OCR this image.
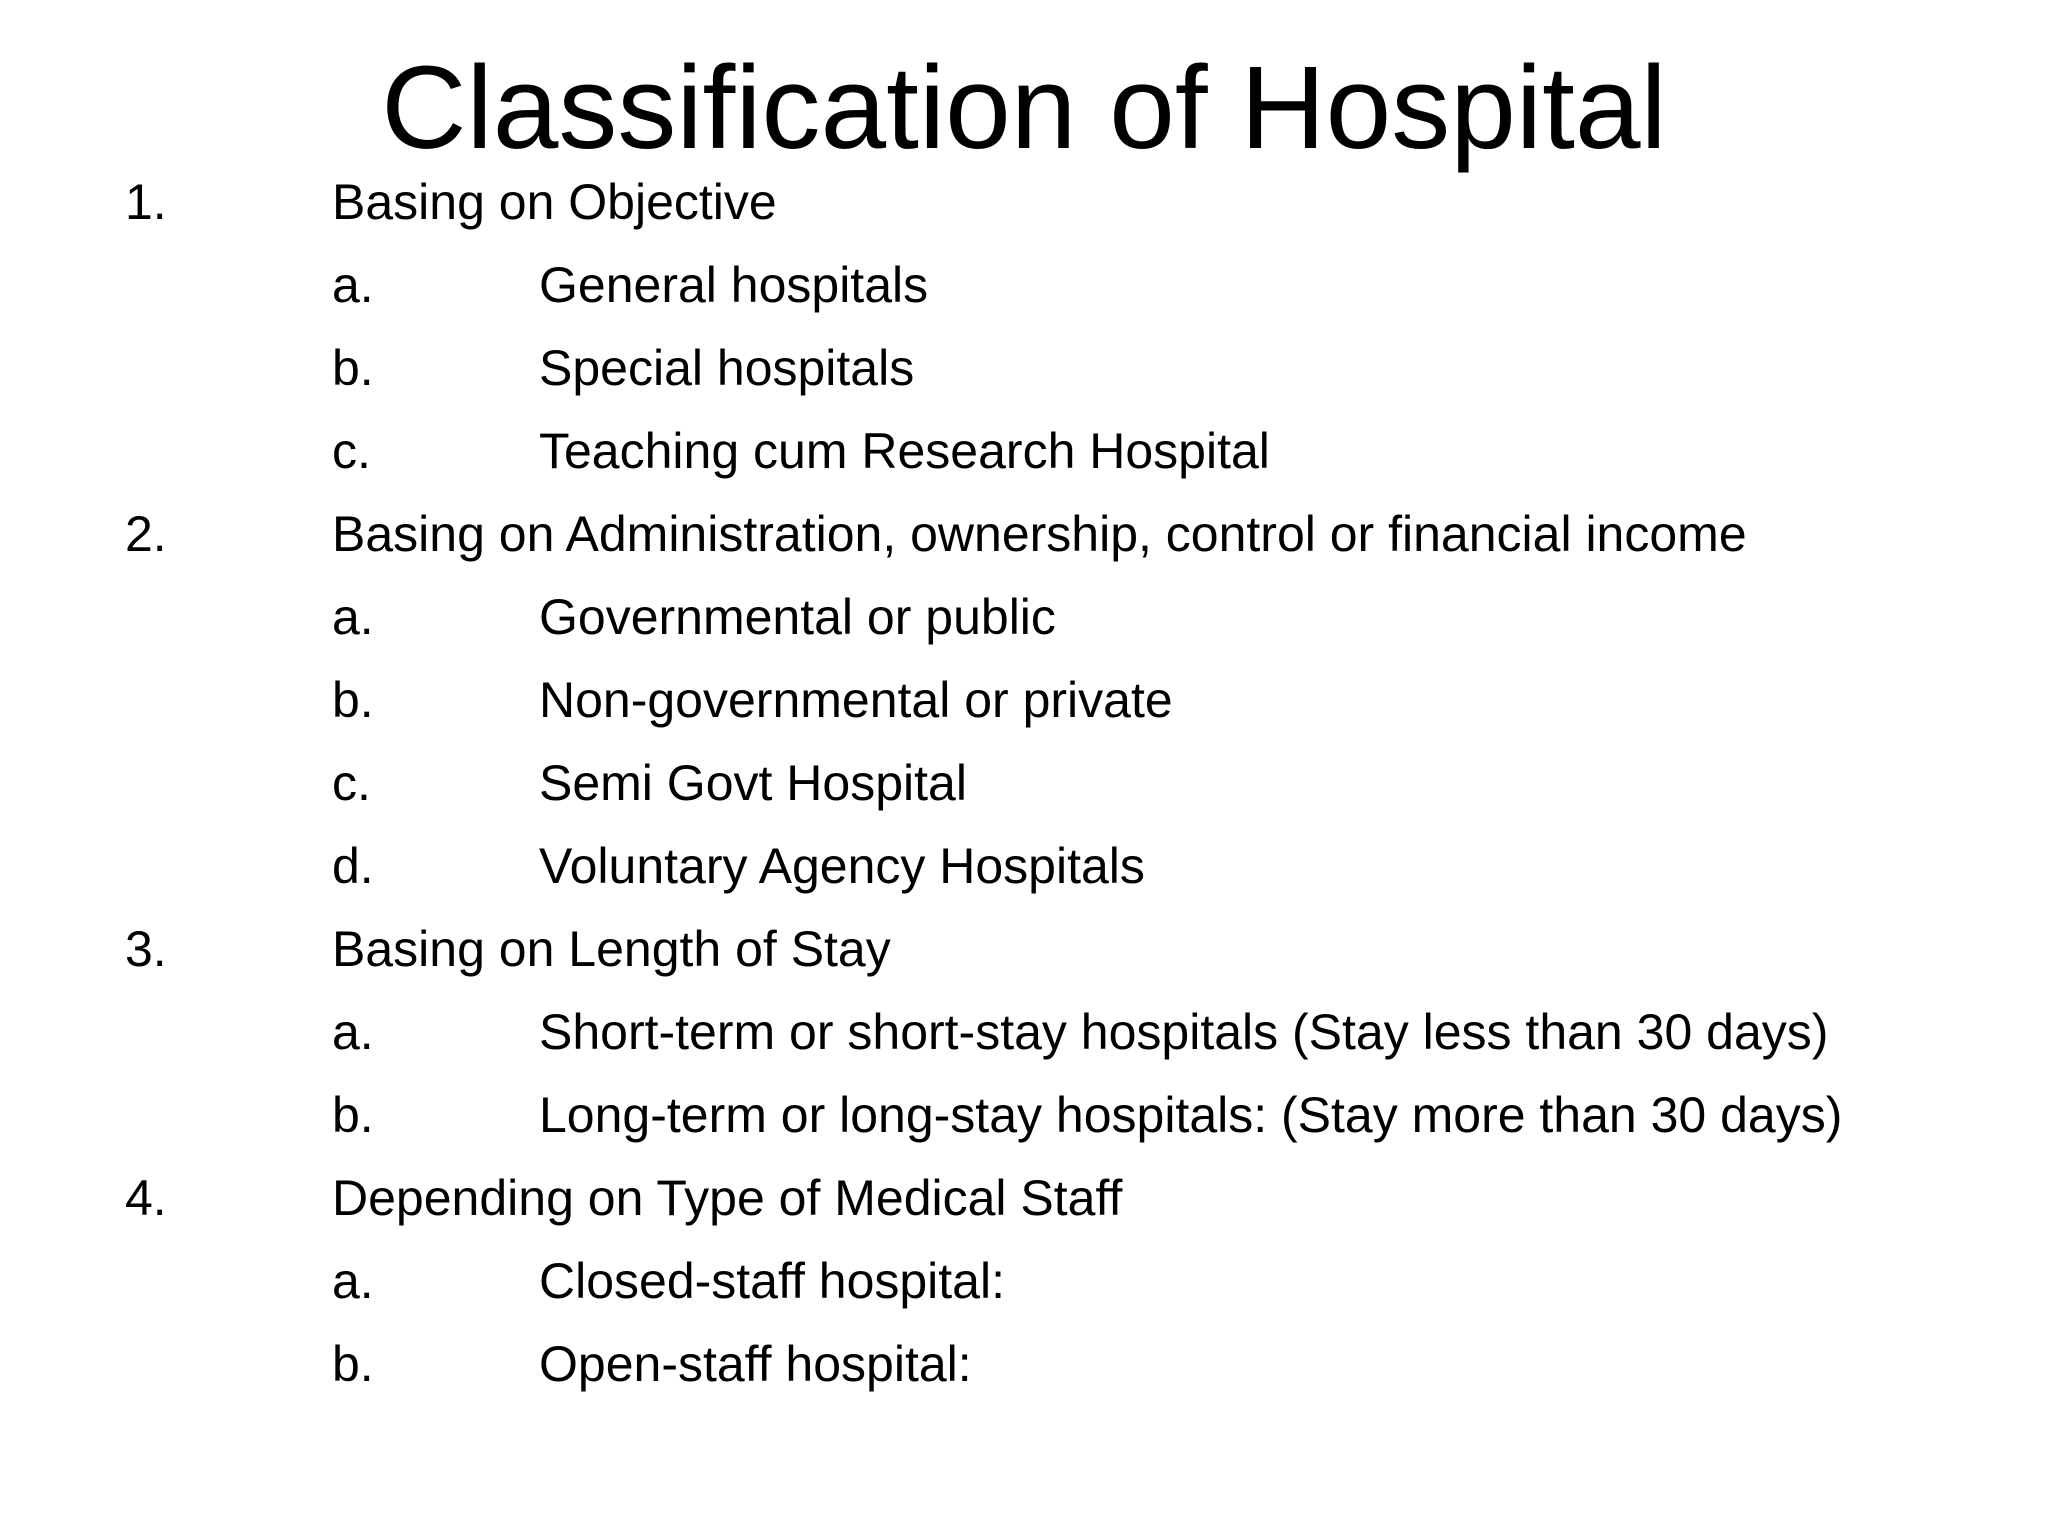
Classification of Hospital
1.	Basing on Objective
a.	General hospitals
b.	Special hospitals
c.	Teaching cum Research Hospital
2.	Basing on Administration, ownership, control or financial income
a.	Governmental or public
b.	Non-governmental or private
c.	Semi Govt Hospital
d.	Voluntary Agency Hospitals
3.	Basing on Length of Stay
a.	Short-term or short-stay hospitals (Stay less than 30 days)
b.	Long-term or long-stay hospitals: (Stay more than 30 days)
4.	Depending on Type of Medical Staff
a.	Closed-staff hospital:
b.	Open-staff hospital:
